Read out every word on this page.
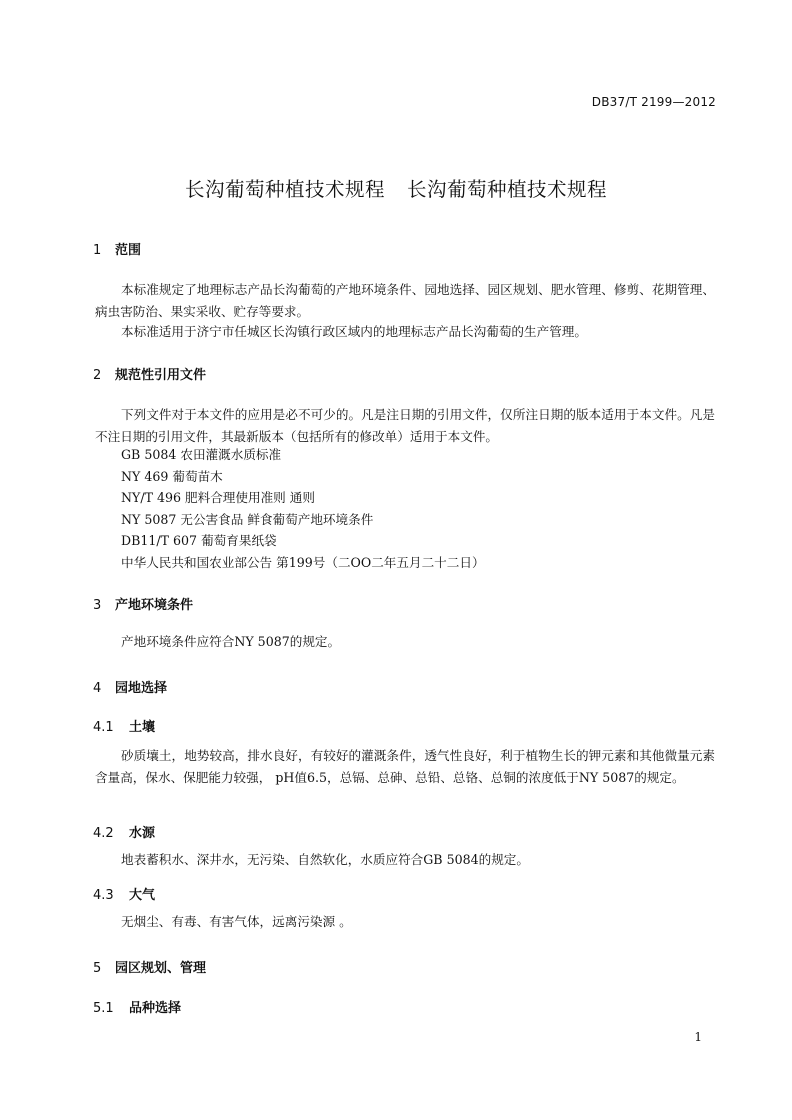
DB37/T 2199—2012
长沟葡萄种植技术规程 长沟葡萄种植技术规程
1 范围
本标准规定了地理标志产品长沟葡萄的产地环境条件、园地选择、园区规划、肥水管理、修剪、花期管理、病虫害防治、果实采收、贮存等要求。
本标准适用于济宁市任城区长沟镇行政区域内的地理标志产品长沟葡萄的生产管理。
2 规范性引用文件
下列文件对于本文件的应用是必不可少的。凡是注日期的引用文件，仅所注日期的版本适用于本文件。凡是不注日期的引用文件，其最新版本（包括所有的修改单）适用于本文件。
GB 5084 农田灌溉水质标准
NY 469 葡萄苗木
NY/T 496 肥料合理使用准则 通则
NY 5087 无公害食品 鲜食葡萄产地环境条件
DB11/T 607 葡萄育果纸袋
中华人民共和国农业部公告 第199号（二OO二年五月二十二日）
3 产地环境条件
产地环境条件应符合NY 5087的规定。
4 园地选择
4.1 土壤
砂质壤土，地势较高，排水良好，有较好的灌溉条件，透气性良好，利于植物生长的钾元素和其他微量元素含量高，保水、保肥能力较强， pH值6.5，总镉、总砷、总铅、总铬、总铜的浓度低于NY 5087的规定。
4.2 水源
地表蓄积水、深井水，无污染、自然软化，水质应符合GB 5084的规定。
4.3 大气
无烟尘、有毒、有害气体，远离污染源 。
5 园区规划、管理
5.1 品种选择
1
